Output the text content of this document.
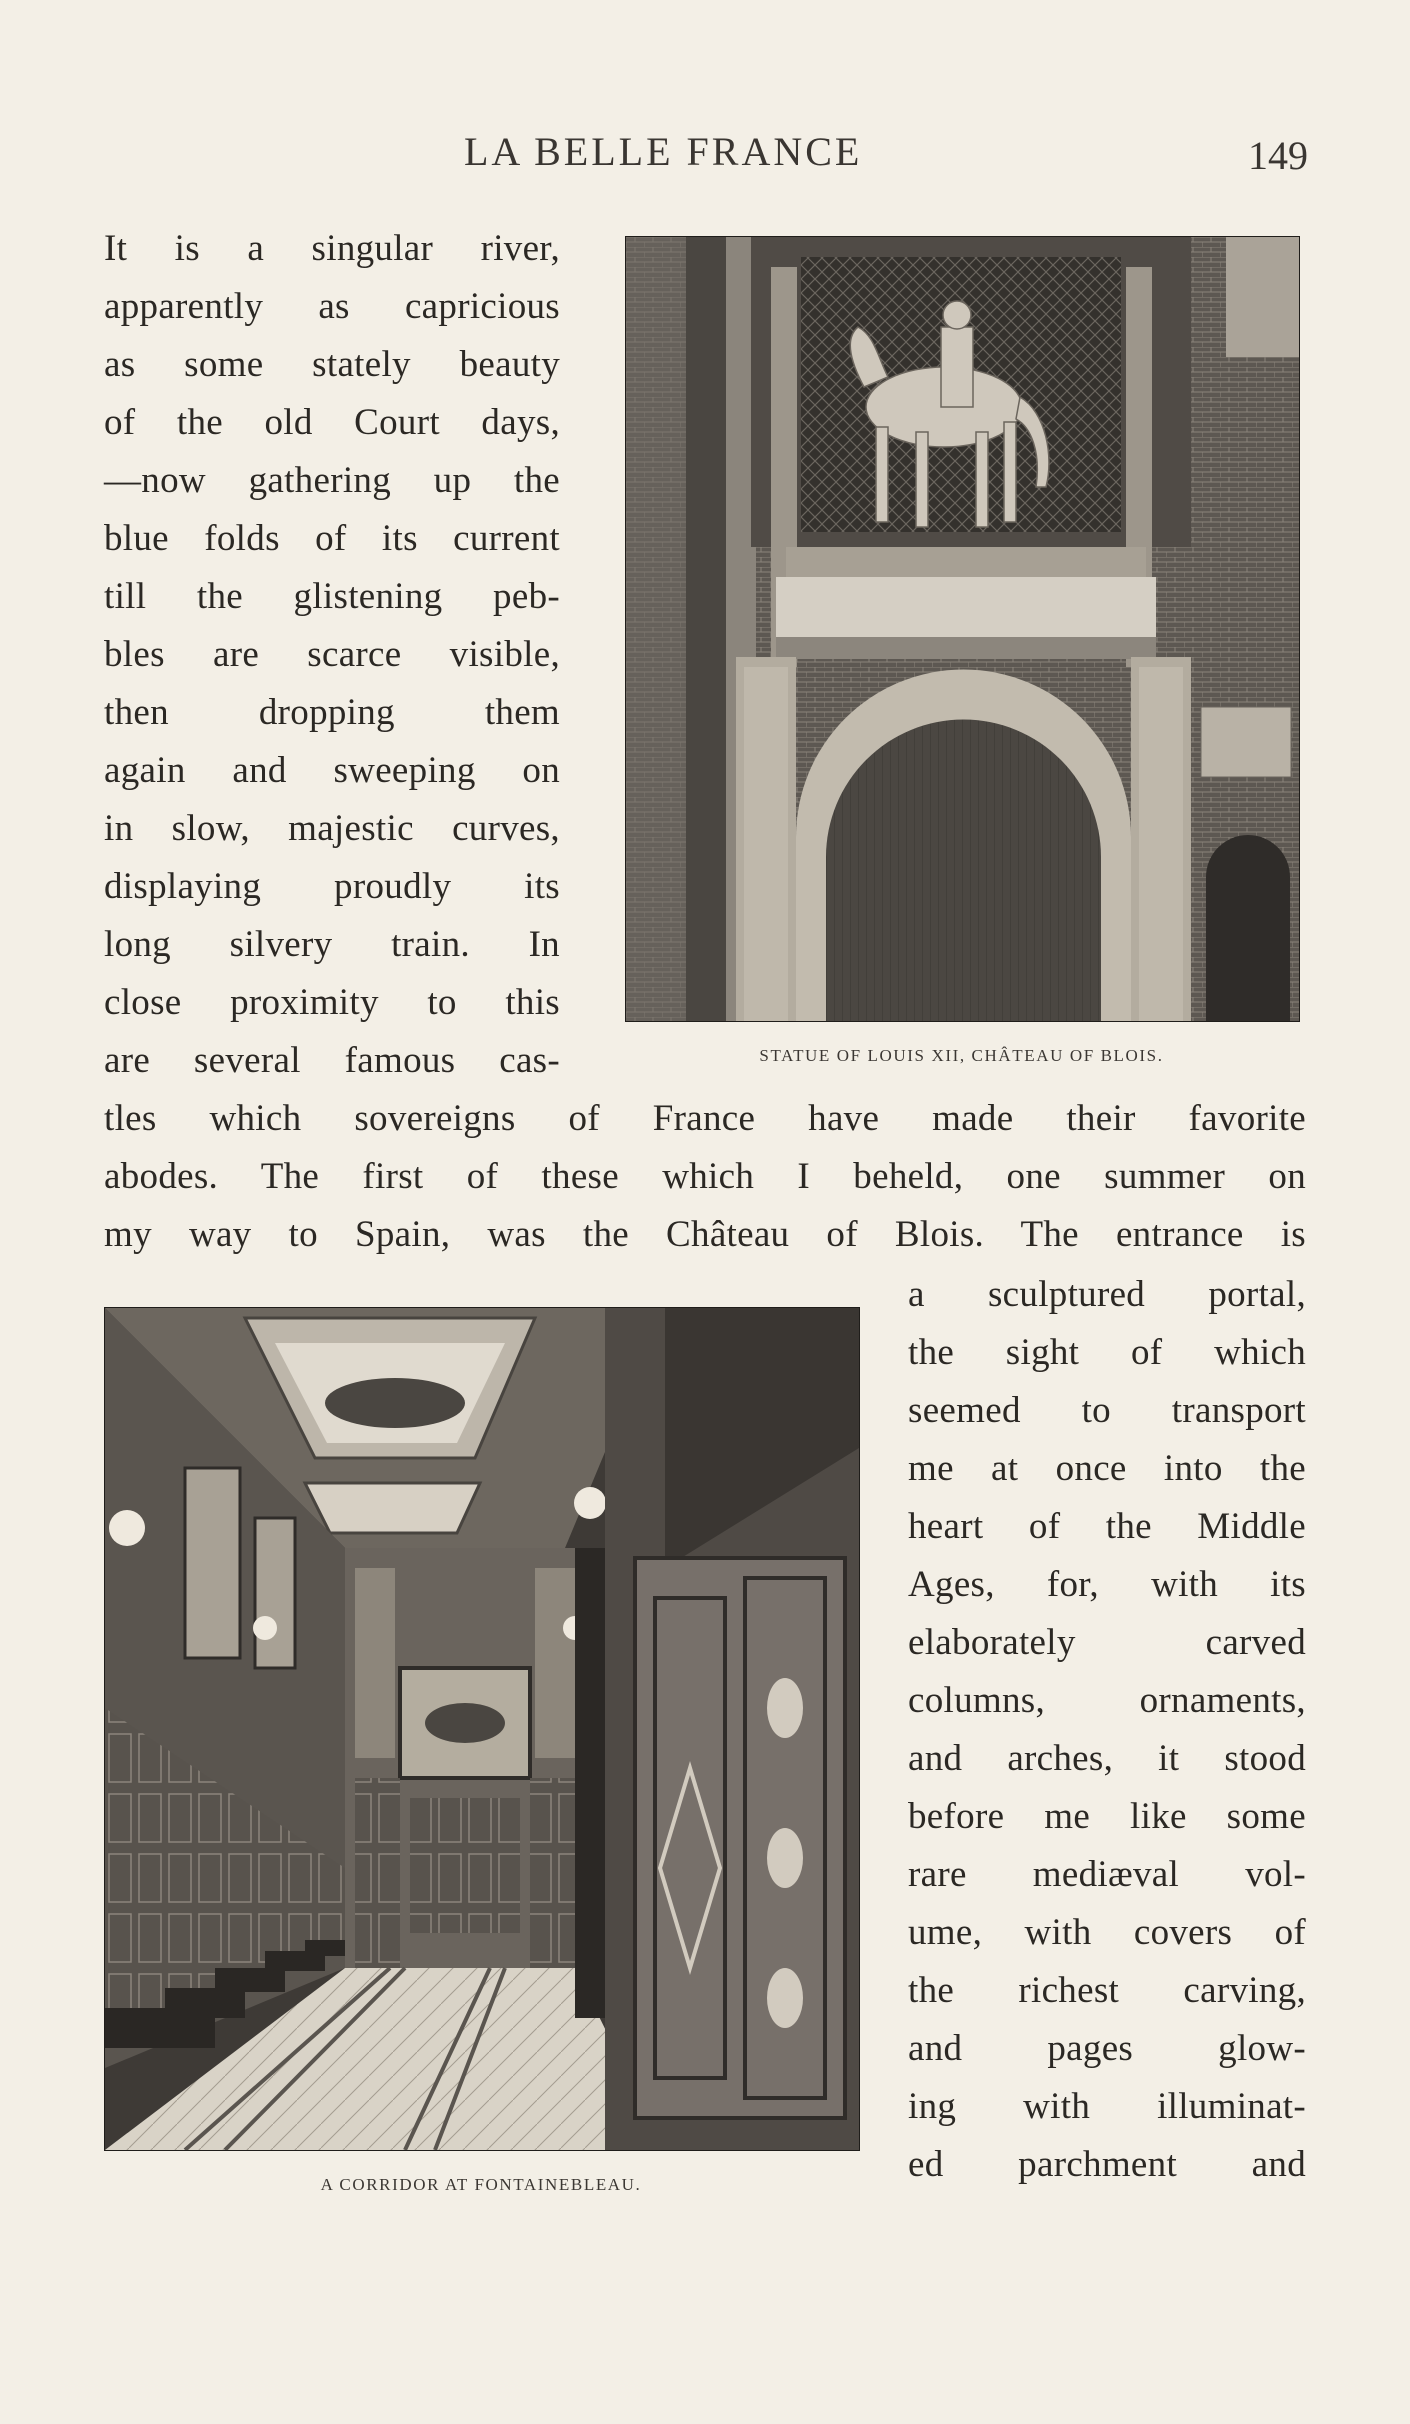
LA BELLE FRANCE	149
It is a singular river,
apparently as capricious
as some stately beauty
of the old Court days,
—now gathering up the
blue folds of its current
till the glistening peb-
bles are scarce visible,
then dropping them
again and sweeping on
in slow, majestic curves,
displaying proudly its
long silvery train. In
close proximity to this
are several famous cas-	STATUE OF LOUIS XII, CHÂTEAU OF BLOIS.
tles which sovereigns of France have made their favorite
abodes. The first of these which I beheld, one summer on
my way to Spain, was the Château of Blois. The entrance is
A CORRIDOR AT FONTAINEBLEAU.
a sculptured portal,
the sight of which
seemed to transport
me at once into the
heart of the Middle
Ages, for, with its
elaborately carved
columns, ornaments,
and arches, it stood
before me like some
rare mediæval vol-
ume, with covers of
the richest carving,
and pages glow-
ing with illuminat-
ed parchment and
